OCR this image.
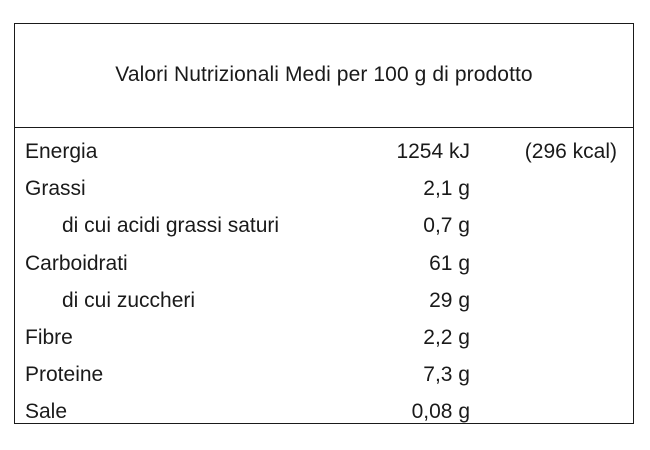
Valori Nutrizionali Medi per 100 g di prodotto
Energia	1254 kJ	(296 kcal)
Grassi	2,1 g
di cui acidi grassi saturi	0,7 g
Carboidrati	61 g
di cui zuccheri	29 g
Fibre	2,2 g
Proteine	7,3 g
Sale	0,08 g
